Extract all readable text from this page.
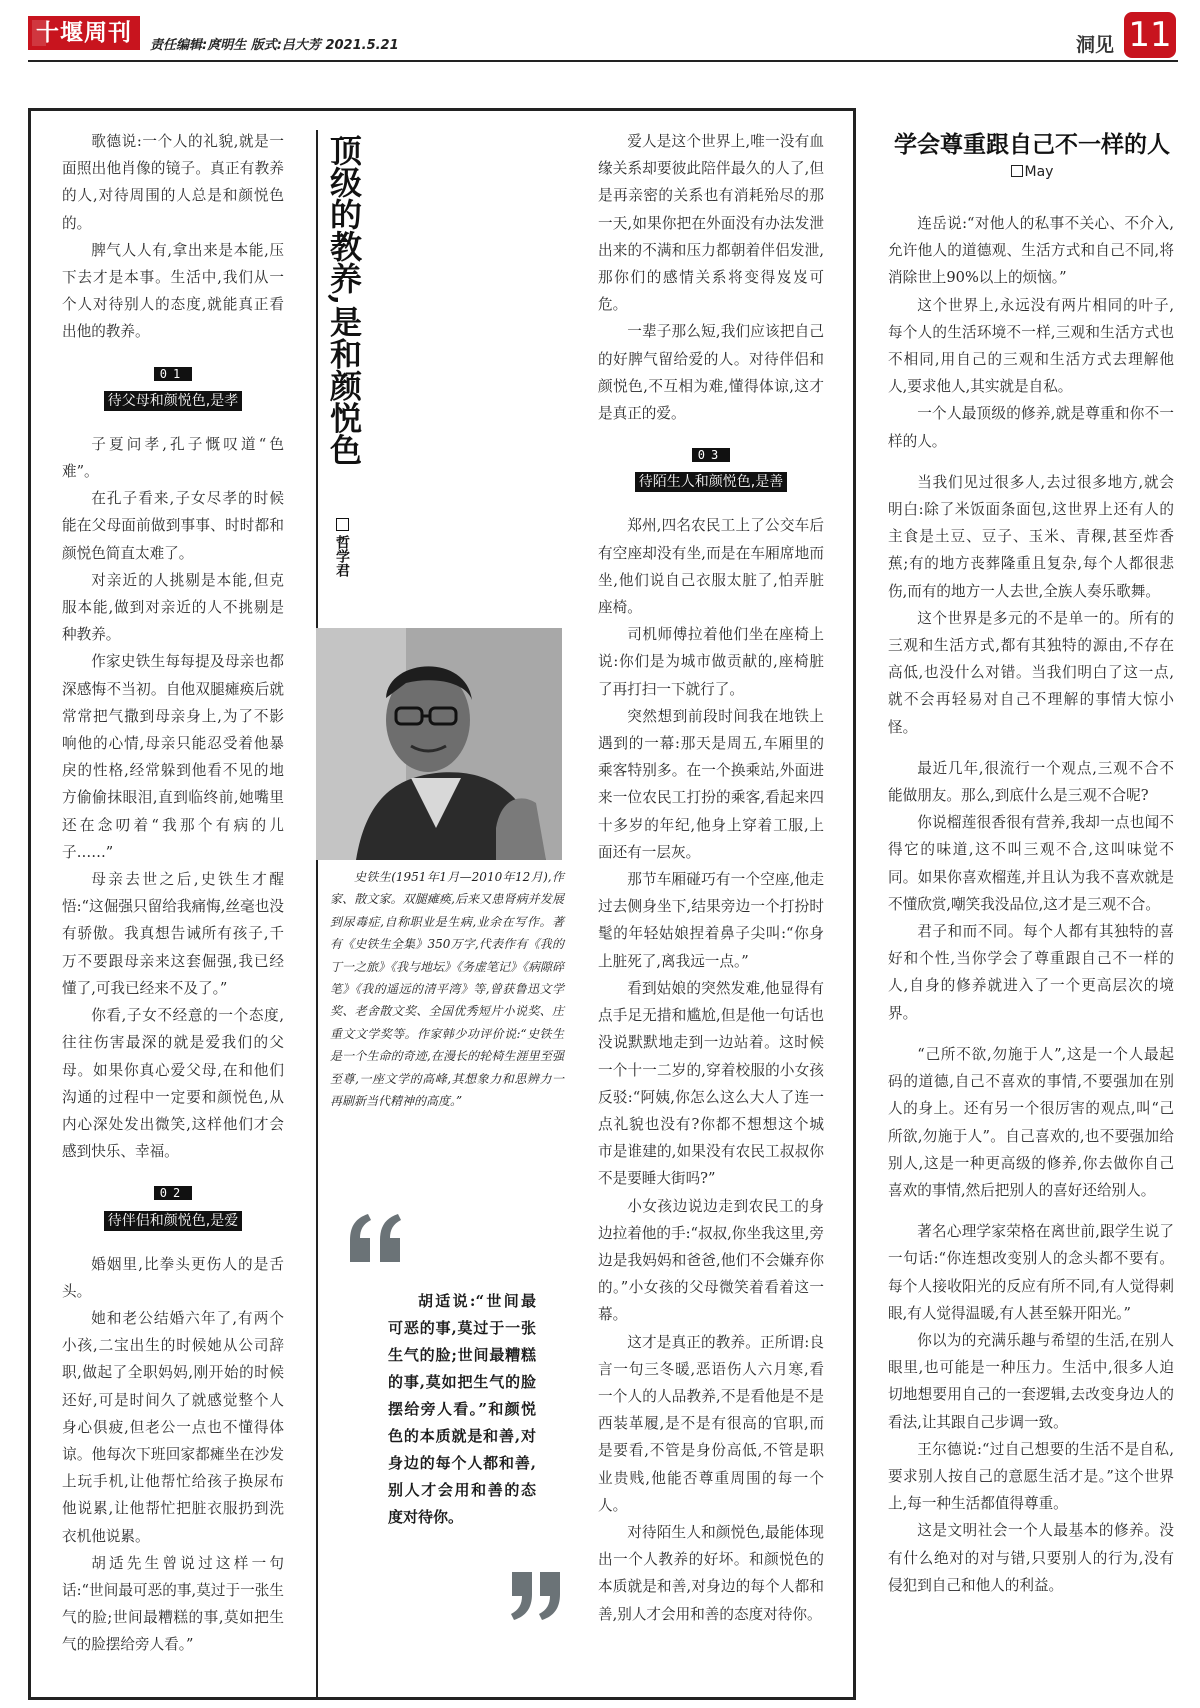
十堰周刊	责任编辑:庹明生 版式:吕大芳 2021.5.21	洞见 11
顶级的教养,是和颜悦色
哲学君

歌德说:一个人的礼貌,就是一面照出他肖像的镜子。真正有教养的人,对待周围的人总是和颜悦色的。

脾气人人有,拿出来是本能,压下去才是本事。生活中,我们从一个人对待别人的态度,就能真正看出他的教养。

01
待父母和颜悦色,是孝

子夏问孝,孔子慨叹道“色难”。

在孔子看来,子女尽孝的时候能在父母面前做到事事、时时都和颜悦色简直太难了。

对亲近的人挑剔是本能,但克服本能,做到对亲近的人不挑剔是种教养。

作家史铁生每每提及母亲也都深感悔不当初。自他双腿瘫痪后就常常把气撒到母亲身上,为了不影响他的心情,母亲只能忍受着他暴戾的性格,经常躲到他看不见的地方偷偷抹眼泪,直到临终前,她嘴里还在念叨着“我那个有病的儿子……”

母亲去世之后,史铁生才醒悟:“这倔强只留给我痛悔,丝毫也没有骄傲。我真想告诫所有孩子,千万不要跟母亲来这套倔强,我已经懂了,可我已经来不及了。”

你看,子女不经意的一个态度,往往伤害最深的就是爱我们的父母。如果你真心爱父母,在和他们沟通的过程中一定要和颜悦色,从内心深处发出微笑,这样他们才会感到快乐、幸福。

02
待伴侣和颜悦色,是爱

婚姻里,比拳头更伤人的是舌头。

她和老公结婚六年了,有两个小孩,二宝出生的时候她从公司辞职,做起了全职妈妈,刚开始的时候还好,可是时间久了就感觉整个人身心俱疲,但老公一点也不懂得体谅。他每次下班回家都瘫坐在沙发上玩手机,让他帮忙给孩子换尿布他说累,让他帮忙把脏衣服扔到洗衣机他说累。

胡适先生曾说过这样一句话:“世间最可恶的事,莫过于一张生气的脸;世间最糟糕的事,莫如把生气的脸摆给旁人看。”

史铁生(1951年1月—2010年12月),作家、散文家。双腿瘫痪,后来又患肾病并发展到尿毒症,自称职业是生病,业余在写作。著有《史铁生全集》350万字,代表作有《我的丁一之旅》《我与地坛》《务虚笔记》《病隙碎笔》《我的遥远的清平湾》等,曾获鲁迅文学奖、老舍散文奖、全国优秀短片小说奖、庄重文文学奖等。作家韩少功评价说:“史铁生是一个生命的奇迹,在漫长的轮椅生涯里至强至尊,一座文学的高峰,其想象力和思辨力一再刷新当代精神的高度。”

胡适说:“世间最可恶的事,莫过于一张生气的脸;世间最糟糕的事,莫如把生气的脸摆给旁人看。”和颜悦色的本质就是和善,对身边的每个人都和善,别人才会用和善的态度对待你。

爱人是这个世界上,唯一没有血缘关系却要彼此陪伴最久的人了,但是再亲密的关系也有消耗殆尽的那一天,如果你把在外面没有办法发泄出来的不满和压力都朝着伴侣发泄,那你们的感情关系将变得岌岌可危。

一辈子那么短,我们应该把自己的好脾气留给爱的人。对待伴侣和颜悦色,不互相为难,懂得体谅,这才是真正的爱。

03
待陌生人和颜悦色,是善

郑州,四名农民工上了公交车后有空座却没有坐,而是在车厢席地而坐,他们说自己衣服太脏了,怕弄脏座椅。

司机师傅拉着他们坐在座椅上说:你们是为城市做贡献的,座椅脏了再打扫一下就行了。

突然想到前段时间我在地铁上遇到的一幕:那天是周五,车厢里的乘客特别多。在一个换乘站,外面进来一位农民工打扮的乘客,看起来四十多岁的年纪,他身上穿着工服,上面还有一层灰。

那节车厢碰巧有一个空座,他走过去侧身坐下,结果旁边一个打扮时髦的年轻姑娘捏着鼻子尖叫:“你身上脏死了,离我远一点。”

看到姑娘的突然发难,他显得有点手足无措和尴尬,但是他一句话也没说默默地走到一边站着。这时候一个十一二岁的,穿着校服的小女孩反驳:“阿姨,你怎么这么大人了连一点礼貌也没有?你都不想想这个城市是谁建的,如果没有农民工叔叔你不是要睡大街吗?”

小女孩边说边走到农民工的身边拉着他的手:“叔叔,你坐我这里,旁边是我妈妈和爸爸,他们不会嫌弃你的。”小女孩的父母微笑着看着这一幕。

这才是真正的教养。正所谓:良言一句三冬暖,恶语伤人六月寒,看一个人的人品教养,不是看他是不是西装革履,是不是有很高的官职,而是要看,不管是身份高低,不管是职业贵贱,他能否尊重周围的每一个人。

对待陌生人和颜悦色,最能体现出一个人教养的好坏。和颜悦色的本质就是和善,对身边的每个人都和善,别人才会用和善的态度对待你。

学会尊重跟自己不一样的人
May

连岳说:“对他人的私事不关心、不介入,允许他人的道德观、生活方式和自己不同,将消除世上90%以上的烦恼。”

这个世界上,永远没有两片相同的叶子,每个人的生活环境不一样,三观和生活方式也不相同,用自己的三观和生活方式去理解他人,要求他人,其实就是自私。

一个人最顶级的修养,就是尊重和你不一样的人。

当我们见过很多人,去过很多地方,就会明白:除了米饭面条面包,这世界上还有人的主食是土豆、豆子、玉米、青稞,甚至炸香蕉;有的地方丧葬隆重且复杂,每个人都很悲伤,而有的地方一人去世,全族人奏乐歌舞。

这个世界是多元的不是单一的。所有的三观和生活方式,都有其独特的源由,不存在高低,也没什么对错。当我们明白了这一点,就不会再轻易对自己不理解的事情大惊小怪。

最近几年,很流行一个观点,三观不合不能做朋友。那么,到底什么是三观不合呢?

你说榴莲很香很有营养,我却一点也闻不得它的味道,这不叫三观不合,这叫味觉不同。如果你喜欢榴莲,并且认为我不喜欢就是不懂欣赏,嘲笑我没品位,这才是三观不合。

君子和而不同。每个人都有其独特的喜好和个性,当你学会了尊重跟自己不一样的人,自身的修养就进入了一个更高层次的境界。

“己所不欲,勿施于人”,这是一个人最起码的道德,自己不喜欢的事情,不要强加在别人的身上。还有另一个很厉害的观点,叫“己所欲,勿施于人”。自己喜欢的,也不要强加给别人,这是一种更高级的修养,你去做你自己喜欢的事情,然后把别人的喜好还给别人。

著名心理学家荣格在离世前,跟学生说了一句话:“你连想改变别人的念头都不要有。每个人接收阳光的反应有所不同,有人觉得刺眼,有人觉得温暖,有人甚至躲开阳光。”

你以为的充满乐趣与希望的生活,在别人眼里,也可能是一种压力。生活中,很多人迫切地想要用自己的一套逻辑,去改变身边人的看法,让其跟自己步调一致。

王尔德说:“过自己想要的生活不是自私,要求别人按自己的意愿生活才是。”这个世界上,每一种生活都值得尊重。

这是文明社会一个人最基本的修养。没有什么绝对的对与错,只要别人的行为,没有侵犯到自己和他人的利益。
